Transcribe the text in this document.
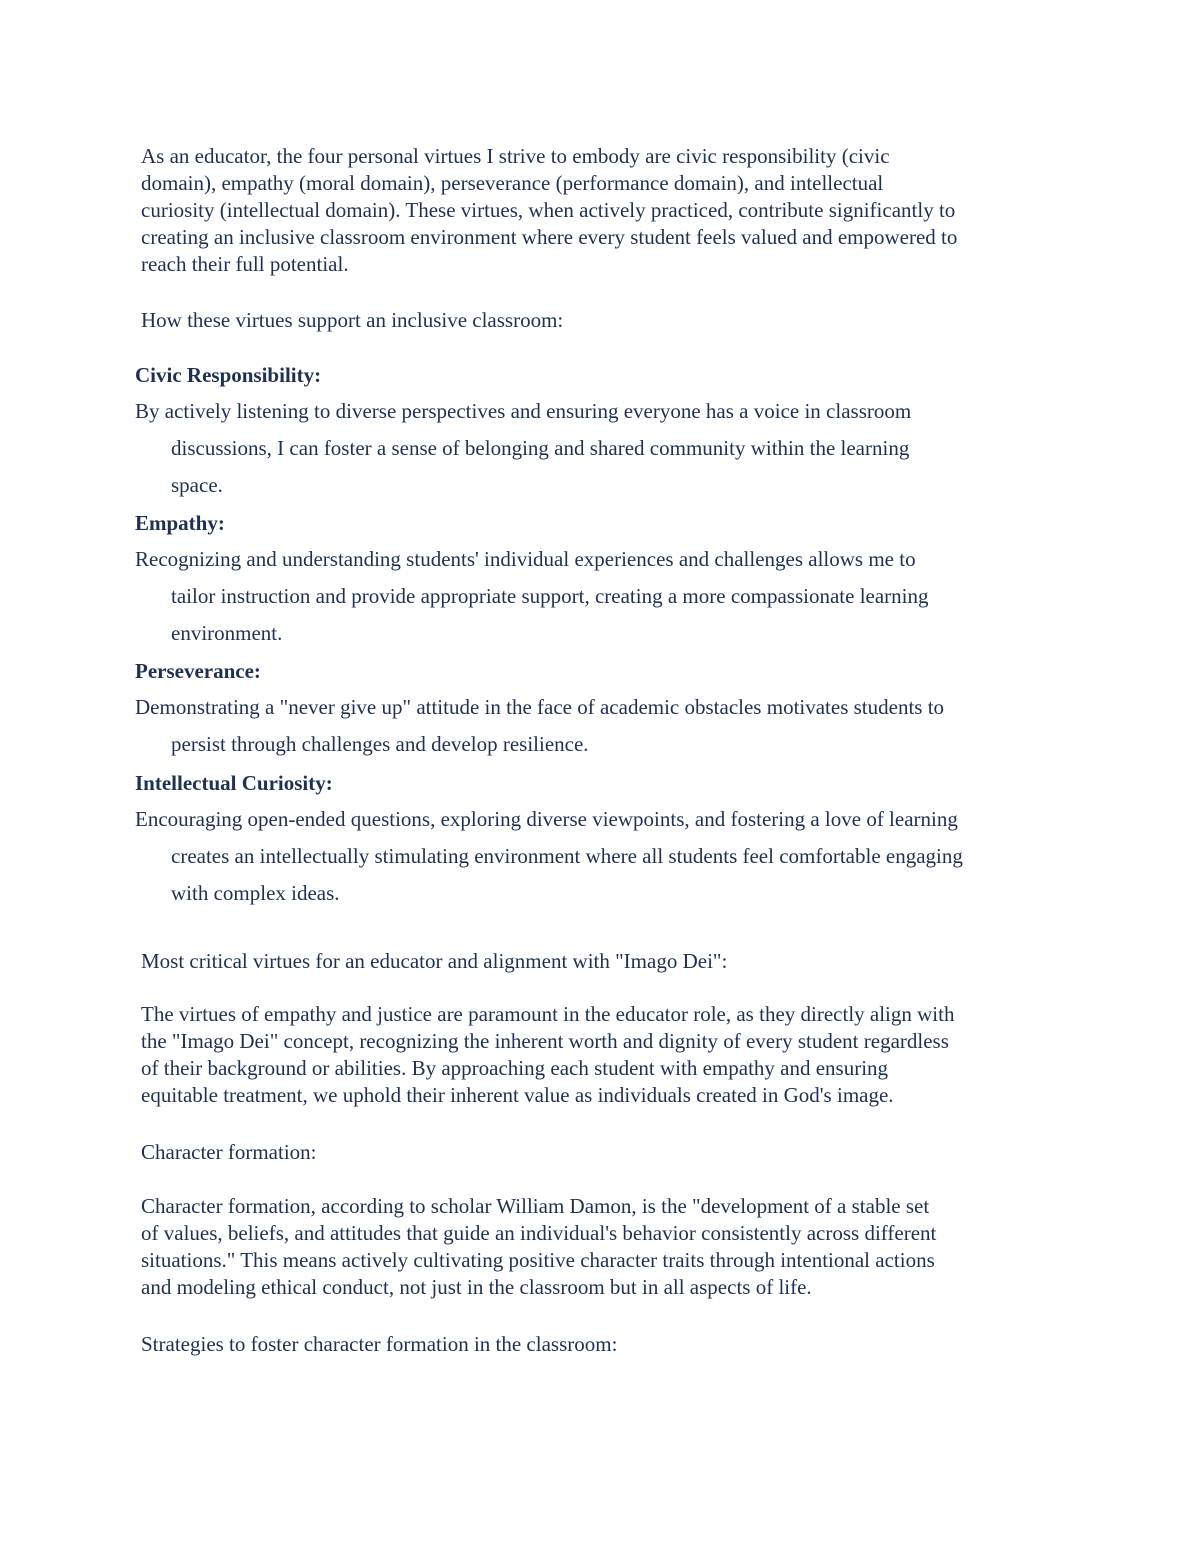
As an educator, the four personal virtues I strive to embody are civic responsibility (civic
domain), empathy (moral domain), perseverance (performance domain), and intellectual
curiosity (intellectual domain). These virtues, when actively practiced, contribute significantly to
creating an inclusive classroom environment where every student feels valued and empowered to
reach their full potential.

How these virtues support an inclusive classroom:

Civic Responsibility:

By actively listening to diverse perspectives and ensuring everyone has a voice in classroom
discussions, I can foster a sense of belonging and shared community within the learning
space.

Empathy:

Recognizing and understanding students' individual experiences and challenges allows me to
tailor instruction and provide appropriate support, creating a more compassionate learning
environment.

Perseverance:

Demonstrating a "never give up" attitude in the face of academic obstacles motivates students to
persist through challenges and develop resilience.

Intellectual Curiosity:

Encouraging open-ended questions, exploring diverse viewpoints, and fostering a love of learning
creates an intellectually stimulating environment where all students feel comfortable engaging
with complex ideas.

Most critical virtues for an educator and alignment with "Imago Dei":

The virtues of empathy and justice are paramount in the educator role, as they directly align with
the "Imago Dei" concept, recognizing the inherent worth and dignity of every student regardless
of their background or abilities. By approaching each student with empathy and ensuring
equitable treatment, we uphold their inherent value as individuals created in God's image.

Character formation:

Character formation, according to scholar William Damon, is the "development of a stable set
of values, beliefs, and attitudes that guide an individual's behavior consistently across different
situations." This means actively cultivating positive character traits through intentional actions
and modeling ethical conduct, not just in the classroom but in all aspects of life.

Strategies to foster character formation in the classroom:
